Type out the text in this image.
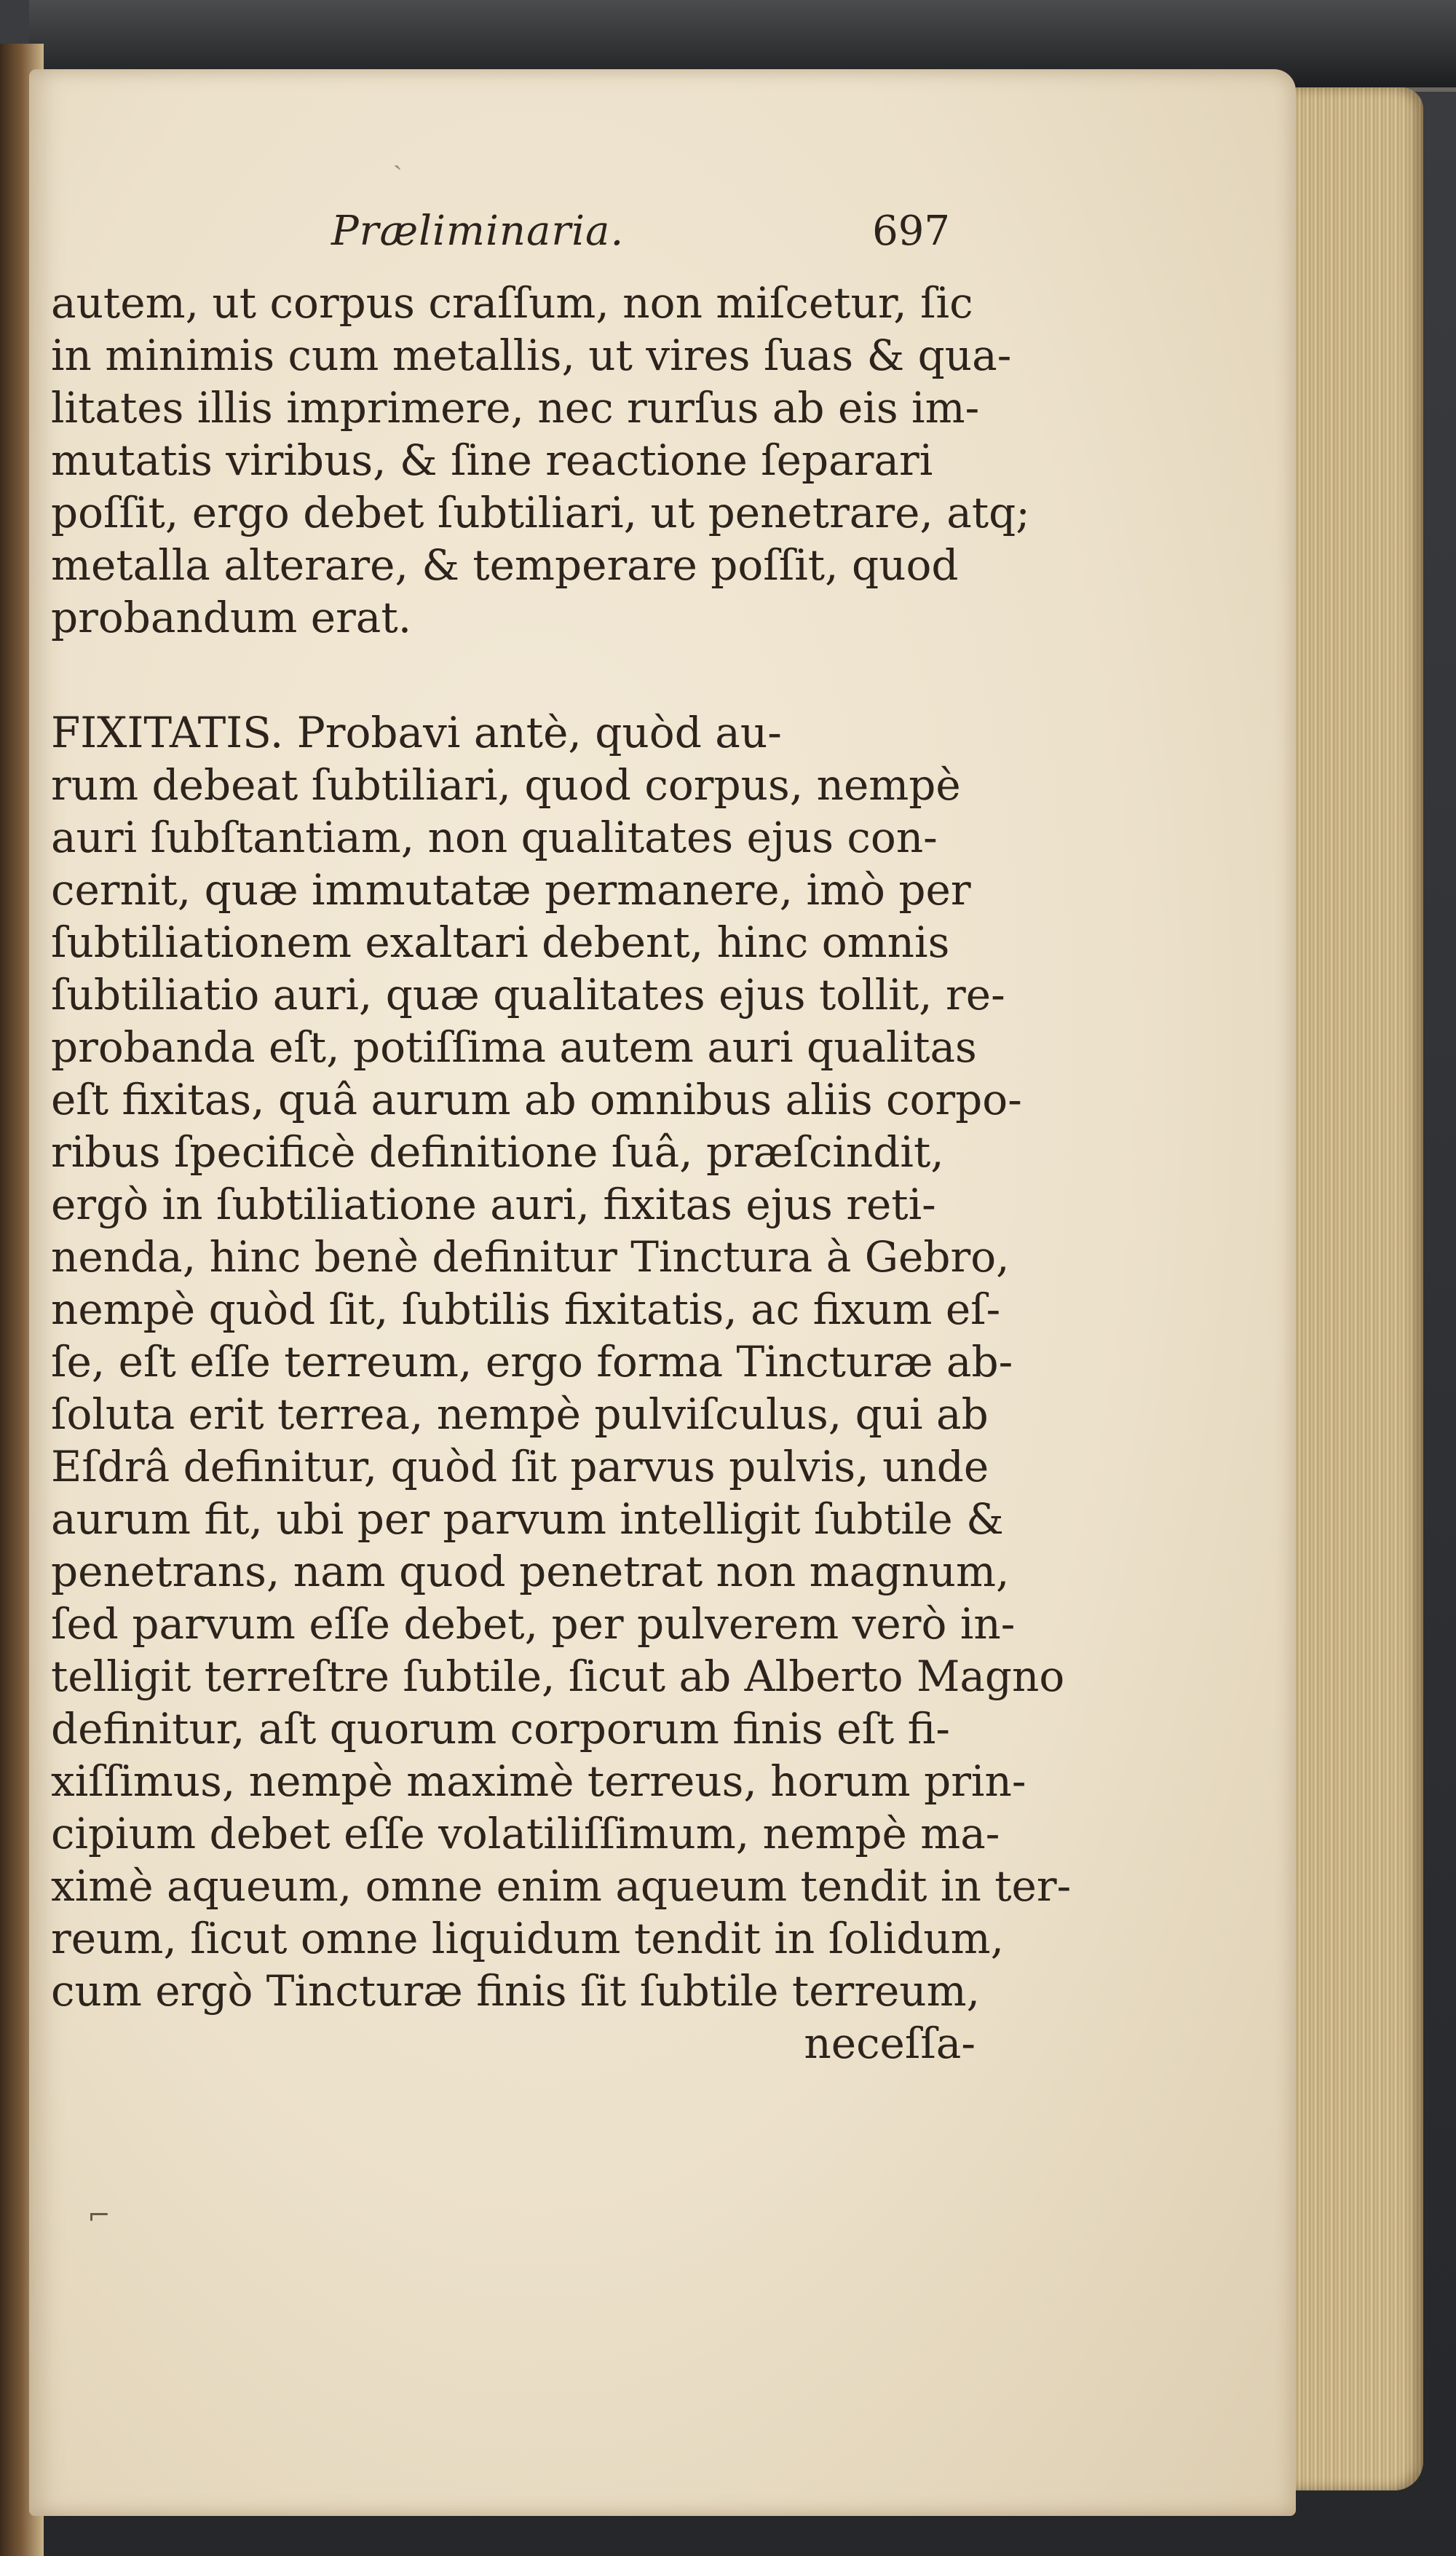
ˎ
⌐
Præliminaria.	697
autem, ut corpus craſſum, non miſcetur, ſic
in minimis cum metallis, ut vires ſuas & qua-
litates illis imprimere, nec rurſus ab eis im-
mutatis viribus, & ſine reactione ſeparari
poſſit, ergo debet ſubtiliari, ut penetrare, atq;
metalla alterare, & temperare poſſit, quod
probandum erat.
FIXITATIS. Probavi antè, quòd au-
rum debeat ſubtiliari, quod corpus, nempè
auri ſubſtantiam, non qualitates ejus con-
cernit, quæ immutatæ permanere, imò per
ſubtiliationem exaltari debent, hinc omnis
ſubtiliatio auri, quæ qualitates ejus tollit, re-
probanda eſt, potiſſima autem auri qualitas
eſt fixitas, quâ aurum ab omnibus aliis corpo-
ribus ſpecificè definitione ſuâ, præſcindit,
ergò in ſubtiliatione auri, fixitas ejus reti-
nenda, hinc benè definitur Tinctura à Gebro,
nempè quòd ſit, ſubtilis fixitatis, ac fixum eſ-
ſe, eſt eſſe terreum, ergo forma Tincturæ ab-
ſoluta erit terrea, nempè pulviſculus, qui ab
Eſdrâ definitur, quòd ſit parvus pulvis, unde
aurum fit, ubi per parvum intelligit ſubtile &
penetrans, nam quod penetrat non magnum,
ſed parvum eſſe debet, per pulverem verò in-
telligit terreſtre ſubtile, ſicut ab Alberto Magno
definitur, aſt quorum corporum finis eſt fi-
xiſſimus, nempè maximè terreus, horum prin-
cipium debet eſſe volatiliſſimum, nempè ma-
ximè aqueum, omne enim aqueum tendit in ter-
reum, ſicut omne liquidum tendit in ſolidum,
cum ergò Tincturæ finis ſit ſubtile terreum,
neceſſa-
